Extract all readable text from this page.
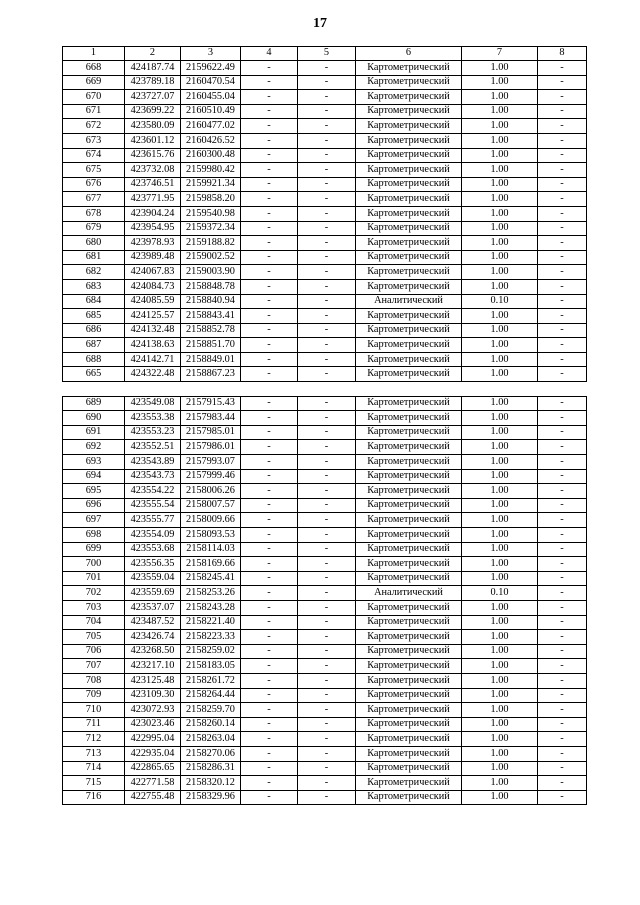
17
1	2	3	4	5	6	7	8
668	424187.74	2159622.49	-	-	Картометрический	1.00	-
669	423789.18	2160470.54	-	-	Картометрический	1.00	-
670	423727.07	2160455.04	-	-	Картометрический	1.00	-
671	423699.22	2160510.49	-	-	Картометрический	1.00	-
672	423580.09	2160477.02	-	-	Картометрический	1.00	-
673	423601.12	2160426.52	-	-	Картометрический	1.00	-
674	423615.76	2160300.48	-	-	Картометрический	1.00	-
675	423732.08	2159980.42	-	-	Картометрический	1.00	-
676	423746.51	2159921.34	-	-	Картометрический	1.00	-
677	423771.95	2159858.20	-	-	Картометрический	1.00	-
678	423904.24	2159540.98	-	-	Картометрический	1.00	-
679	423954.95	2159372.34	-	-	Картометрический	1.00	-
680	423978.93	2159188.82	-	-	Картометрический	1.00	-
681	423989.48	2159002.52	-	-	Картометрический	1.00	-
682	424067.83	2159003.90	-	-	Картометрический	1.00	-
683	424084.73	2158848.78	-	-	Картометрический	1.00	-
684	424085.59	2158840.94	-	-	Аналитический	0.10	-
685	424125.57	2158843.41	-	-	Картометрический	1.00	-
686	424132.48	2158852.78	-	-	Картометрический	1.00	-
687	424138.63	2158851.70	-	-	Картометрический	1.00	-
688	424142.71	2158849.01	-	-	Картометрический	1.00	-
665	424322.48	2158867.23	-	-	Картометрический	1.00	-

689	423549.08	2157915.43	-	-	Картометрический	1.00	-
690	423553.38	2157983.44	-	-	Картометрический	1.00	-
691	423553.23	2157985.01	-	-	Картометрический	1.00	-
692	423552.51	2157986.01	-	-	Картометрический	1.00	-
693	423543.89	2157993.07	-	-	Картометрический	1.00	-
694	423543.73	2157999.46	-	-	Картометрический	1.00	-
695	423554.22	2158006.26	-	-	Картометрический	1.00	-
696	423555.54	2158007.57	-	-	Картометрический	1.00	-
697	423555.77	2158009.66	-	-	Картометрический	1.00	-
698	423554.09	2158093.53	-	-	Картометрический	1.00	-
699	423553.68	2158114.03	-	-	Картометрический	1.00	-
700	423556.35	2158169.66	-	-	Картометрический	1.00	-
701	423559.04	2158245.41	-	-	Картометрический	1.00	-
702	423559.69	2158253.26	-	-	Аналитический	0.10	-
703	423537.07	2158243.28	-	-	Картометрический	1.00	-
704	423487.52	2158221.40	-	-	Картометрический	1.00	-
705	423426.74	2158223.33	-	-	Картометрический	1.00	-
706	423268.50	2158259.02	-	-	Картометрический	1.00	-
707	423217.10	2158183.05	-	-	Картометрический	1.00	-
708	423125.48	2158261.72	-	-	Картометрический	1.00	-
709	423109.30	2158264.44	-	-	Картометрический	1.00	-
710	423072.93	2158259.70	-	-	Картометрический	1.00	-
711	423023.46	2158260.14	-	-	Картометрический	1.00	-
712	422995.04	2158263.04	-	-	Картометрический	1.00	-
713	422935.04	2158270.06	-	-	Картометрический	1.00	-
714	422865.65	2158286.31	-	-	Картометрический	1.00	-
715	422771.58	2158320.12	-	-	Картометрический	1.00	-
716	422755.48	2158329.96	-	-	Картометрический	1.00	-
